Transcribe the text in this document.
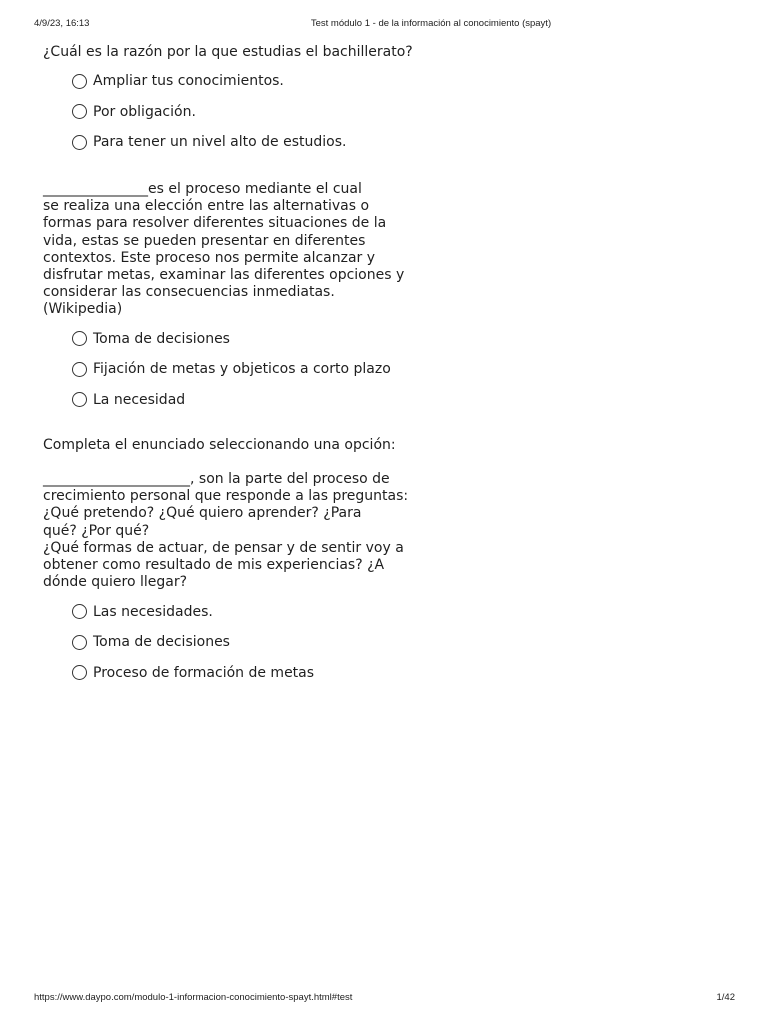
4/9/23, 16:13	Test módulo 1 - de la información al conocimiento (spayt)
¿Cuál es la razón por la que estudias el bachillerato?
Ampliar tus conocimientos.
Por obligación.
Para tener un nivel alto de estudios.
_______________es el proceso mediante el cual
se realiza una elección entre las alternativas o
formas para resolver diferentes situaciones de la
vida, estas se pueden presentar en diferentes
contextos. Este proceso nos permite alcanzar y
disfrutar metas, examinar las diferentes opciones y
considerar las consecuencias inmediatas.
(Wikipedia)
Toma de decisiones
Fijación de metas y objeticos a corto plazo
La necesidad
Completa el enunciado seleccionando una opción:
_____________________, son la parte del proceso de
crecimiento personal que responde a las preguntas:
¿Qué pretendo? ¿Qué quiero aprender? ¿Para
qué? ¿Por qué?
¿Qué formas de actuar, de pensar y de sentir voy a
obtener como resultado de mis experiencias? ¿A
dónde quiero llegar?
Las necesidades.
Toma de decisiones
Proceso de formación de metas
https://www.daypo.com/modulo-1-informacion-conocimiento-spayt.html#test	1/42
